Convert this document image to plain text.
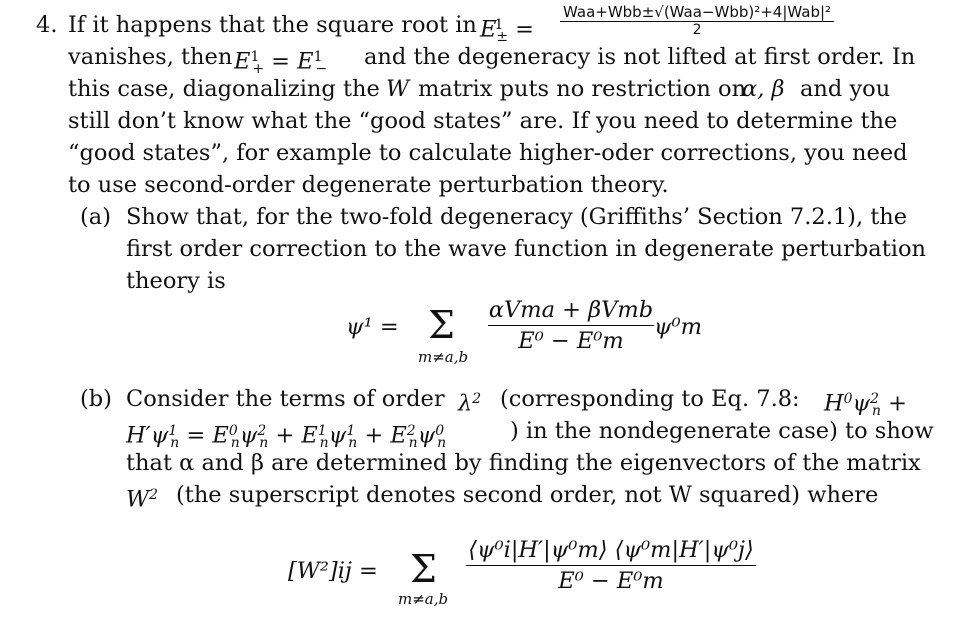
4. If it happens that the square root in $E^1_\pm$ =
Waa+Wbb±√(Waa−Wbb)²+4|Wab|²
2
vanishes, then $E^1_+ = E^1_-$ and the degeneracy is not lifted at first order. In
this case, diagonalizing the W matrix puts no restriction on
α, β and you
still don’t know what the “good states” are. If you need to determine the
“good states”, for example to calculate higher-oder corrections, you need
to use second-order degenerate perturbation theory.
(a) Show that, for the two-fold degeneracy (Griffiths’ Section 7.2.1), the
first order correction to the wave function in degenerate perturbation
theory is
ψ¹ = Σ
m≠a,b
αVma + βVmb
E⁰ − E⁰m
ψ⁰m
(b) Consider the terms of order $\lambda^2$ (corresponding to Eq. 7.8: $H^0\psi^2_n$ +
$H'\psi^1_n = E^0_n\psi^2_n + E^1_n\psi^1_n + E^2_n\psi^0_n$	) in the nondegenerate case) to show
that α and β are determined by finding the eigenvectors of the matrix
$W^2$ (the superscript denotes second order, not W squared) where
[W²]ij = Σ
m≠a,b
⟨ψ⁰i|H′|ψ⁰m⟩ ⟨ψ⁰m|H′|ψ⁰j⟩
E⁰ − E⁰m
